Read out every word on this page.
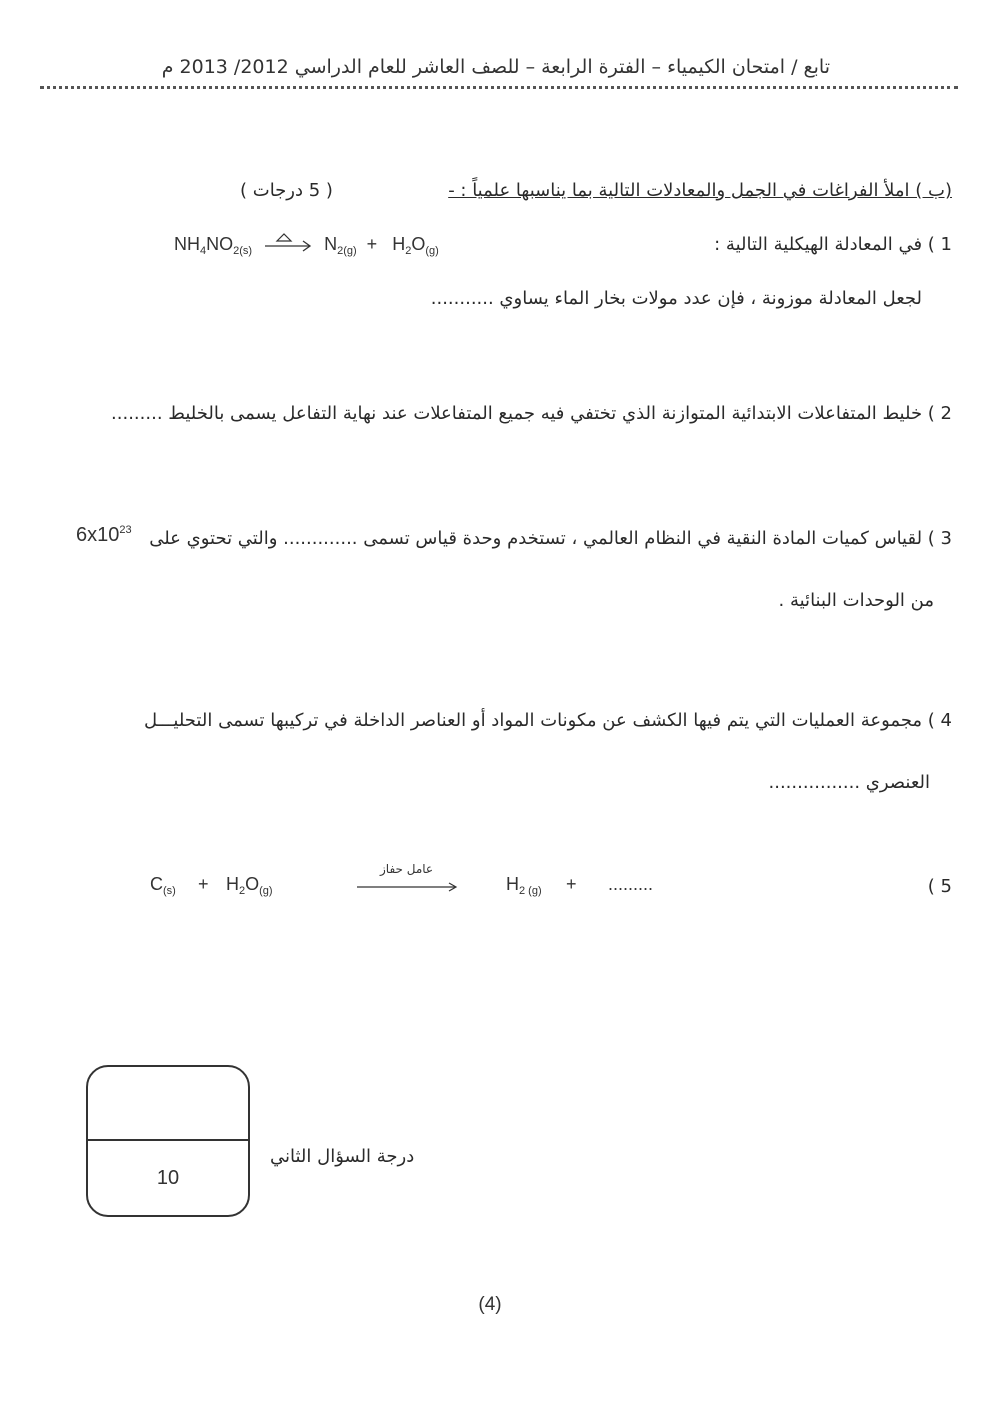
تابع / امتحان الكيمياء – الفترة الرابعة – للصف العاشر للعام الدراسي 2012/ 2013 م
(ب ) املأ الفراغات في الجمل والمعادلات التالية بما يناسبها علمياً : -
( 5 درجات )
1 ) في المعادلة الهيكلية التالية :
$NH_4NO_{2(s)}$	$N_{2(g)} + H_2O_{(g)}$
لجعل المعادلة موزونة ، فإن عدد مولات بخار الماء يساوي ...........
2 ) خليط المتفاعلات الابتدائية المتوازنة الذي تختفي فيه جميع المتفاعلات عند نهاية التفاعل يسمى بالخليط .........
3 ) لقياس كميات المادة النقية في النظام العالمي ، تستخدم وحدة قياس تسمى ............. والتي تحتوي على
$6x10^{23}$
من الوحدات البنائية .
4 ) مجموعة العمليات التي يتم فيها الكشف عن مكونات المواد أو العناصر الداخلة في تركيبها تسمى التحليـــل
العنصري ................
5 )
$C_{(s)} + H_2O_{(g)}$
عامل حفاز
$H_{2 (g)}$ + .........
10
درجة السؤال الثاني
(4)
